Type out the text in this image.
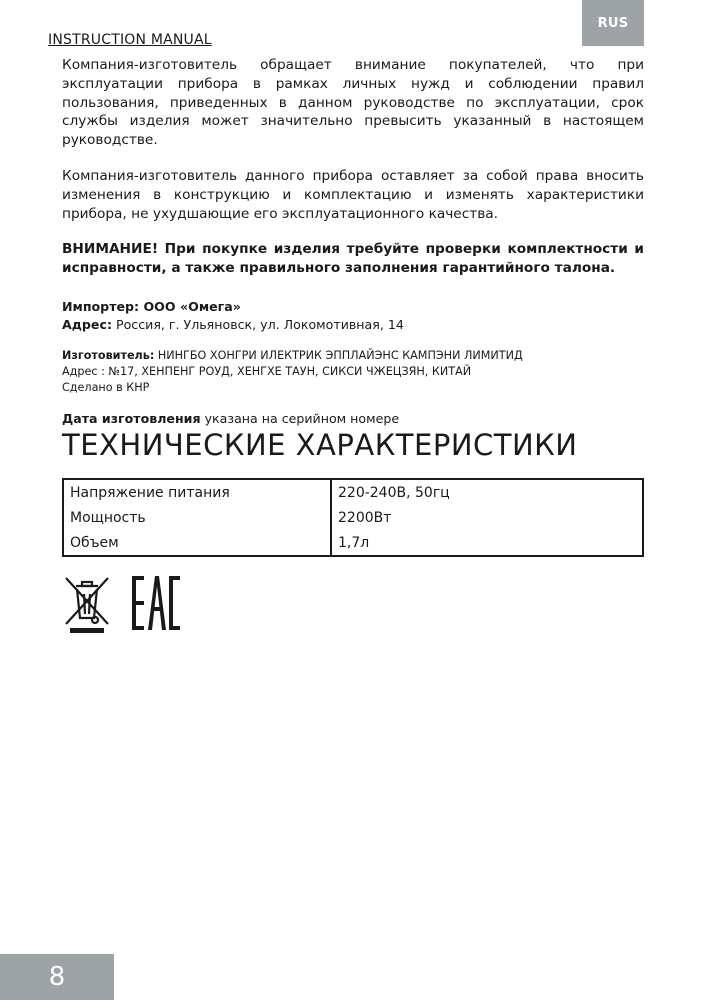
INSTRUCTION MANUAL
RUS

Компания-изготовитель обращает внимание покупателей, что при эксплуатации прибора в рамках личных нужд и соблюдении правил пользования, приведенных в данном руководстве по эксплуатации, срок службы изделия может значительно превысить указанный в настоящем руководстве.

Компания-изготовитель данного прибора оставляет за собой права вносить изменения в конструкцию и комплектацию и изменять характеристики прибора, не ухудшающие его эксплуатационного качества.

ВНИМАНИЕ! При покупке изделия требуйте проверки комплектности и исправности, а также правильного заполнения гарантийного талона.

Импортер: ООО «Омега»
Адрес: Россия, г. Ульяновск, ул. Локомотивная, 14
Изготовитель: НИНГБО ХОНГРИ ИЛЕКТРИК ЭППЛАЙЭНС КАМПЭНИ ЛИМИТИД
Адрес : №17, ХЕНПЕНГ РОУД, ХЕНГХЕ ТАУН, СИКСИ ЧЖЕЦЗЯН, КИТАЙ
Сделано в КНР
Дата изготовления указана на серийном номере
ТЕХНИЧЕСКИЕ ХАРАКТЕРИСТИКИ
Напряжение питания	220-240В, 50гц
Мощность	2200Вт
Объем	1,7л
8
